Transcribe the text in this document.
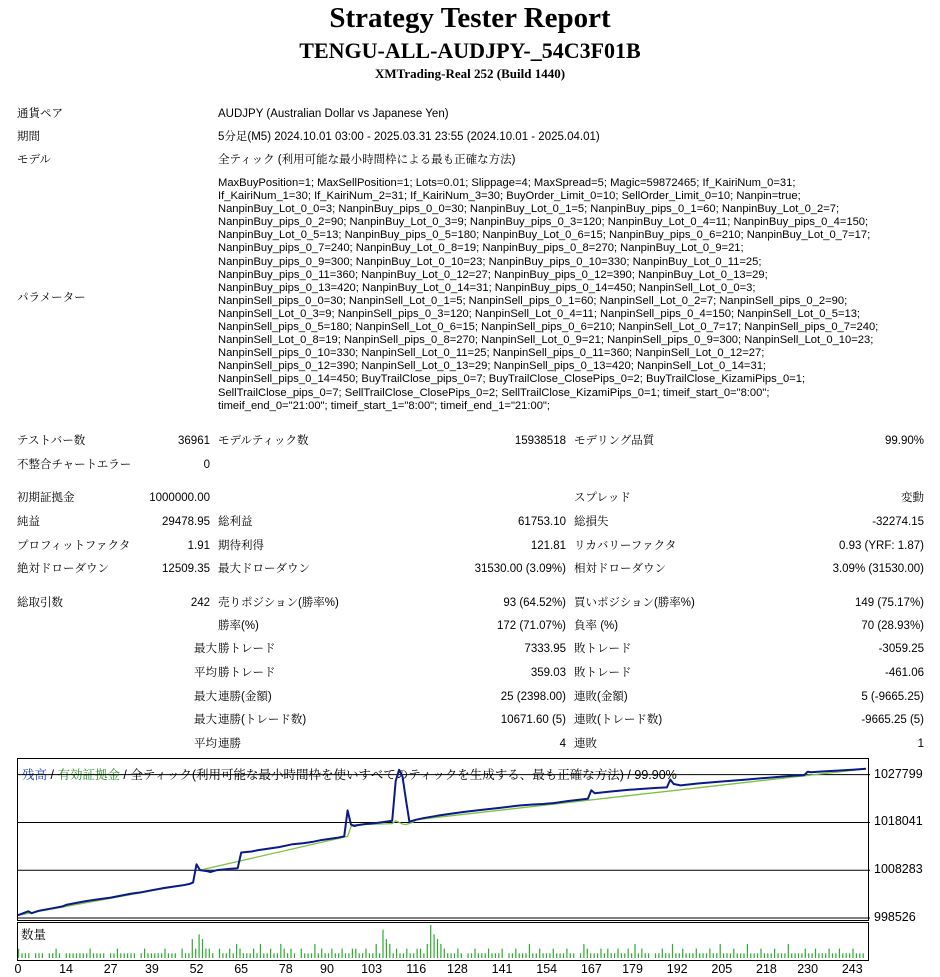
Strategy Tester Report
TENGU-ALL-AUDJPY-_54C3F01B
XMTrading-Real 252 (Build 1440)
通貨ペア	AUDJPY (Australian Dollar vs Japanese Yen)
期間	5分足(M5) 2024.10.01 03:00 - 2025.03.31 23:55 (2024.10.01 - 2025.04.01)
モデル	全ティック (利用可能な最小時間枠による最も正確な方法)
パラメーター
MaxBuyPosition=1; MaxSellPosition=1; Lots=0.01; Slippage=4; MaxSpread=5; Magic=59872465; If_KairiNum_0=31;
If_KairiNum_1=30; If_KairiNum_2=31; If_KairiNum_3=30; BuyOrder_Limit_0=10; SellOrder_Limit_0=10; Nanpin=true;
NanpinBuy_Lot_0_0=3; NanpinBuy_pips_0_0=30; NanpinBuy_Lot_0_1=5; NanpinBuy_pips_0_1=60; NanpinBuy_Lot_0_2=7;
NanpinBuy_pips_0_2=90; NanpinBuy_Lot_0_3=9; NanpinBuy_pips_0_3=120; NanpinBuy_Lot_0_4=11; NanpinBuy_pips_0_4=150;
NanpinBuy_Lot_0_5=13; NanpinBuy_pips_0_5=180; NanpinBuy_Lot_0_6=15; NanpinBuy_pips_0_6=210; NanpinBuy_Lot_0_7=17;
NanpinBuy_pips_0_7=240; NanpinBuy_Lot_0_8=19; NanpinBuy_pips_0_8=270; NanpinBuy_Lot_0_9=21;
NanpinBuy_pips_0_9=300; NanpinBuy_Lot_0_10=23; NanpinBuy_pips_0_10=330; NanpinBuy_Lot_0_11=25;
NanpinBuy_pips_0_11=360; NanpinBuy_Lot_0_12=27; NanpinBuy_pips_0_12=390; NanpinBuy_Lot_0_13=29;
NanpinBuy_pips_0_13=420; NanpinBuy_Lot_0_14=31; NanpinBuy_pips_0_14=450; NanpinSell_Lot_0_0=3;
NanpinSell_pips_0_0=30; NanpinSell_Lot_0_1=5; NanpinSell_pips_0_1=60; NanpinSell_Lot_0_2=7; NanpinSell_pips_0_2=90;
NanpinSell_Lot_0_3=9; NanpinSell_pips_0_3=120; NanpinSell_Lot_0_4=11; NanpinSell_pips_0_4=150; NanpinSell_Lot_0_5=13;
NanpinSell_pips_0_5=180; NanpinSell_Lot_0_6=15; NanpinSell_pips_0_6=210; NanpinSell_Lot_0_7=17; NanpinSell_pips_0_7=240;
NanpinSell_Lot_0_8=19; NanpinSell_pips_0_8=270; NanpinSell_Lot_0_9=21; NanpinSell_pips_0_9=300; NanpinSell_Lot_0_10=23;
NanpinSell_pips_0_10=330; NanpinSell_Lot_0_11=25; NanpinSell_pips_0_11=360; NanpinSell_Lot_0_12=27;
NanpinSell_pips_0_12=390; NanpinSell_Lot_0_13=29; NanpinSell_pips_0_13=420; NanpinSell_Lot_0_14=31;
NanpinSell_pips_0_14=450; BuyTrailClose_pips_0=7; BuyTrailClose_ClosePips_0=2; BuyTrailClose_KizamiPips_0=1;
SellTrailClose_pips_0=7; SellTrailClose_ClosePips_0=2; SellTrailClose_KizamiPips_0=1; timeif_start_0="8:00";
timeif_end_0="21:00"; timeif_start_1="8:00"; timeif_end_1="21:00";
テストバー数	36961 モデルティック数	15938518 モデリング品質	99.90%
不整合チャートエラー	0
初期証拠金	1000000.00	スプレッド	変動
純益	29478.95 総利益	61753.10 総損失	-32274.15
プロフィットファクタ	1.91 期待利得	121.81 リカバリーファクタ	0.93 (YRF: 1.87)
絶対ドローダウン	12509.35 最大ドローダウン	31530.00 (3.09%) 相対ドローダウン	3.09% (31530.00)
総取引数	242 売りポジション(勝率%)	93 (64.52%) 買いポジション(勝率%)	149 (75.17%)
勝率(%)	172 (71.07%) 負率 (%)	70 (28.93%)
最大 勝トレード	7333.95 敗トレード	-3059.25
平均 勝トレード	359.03 敗トレード	-461.06
最大 連勝(金額)	25 (2398.00) 連敗(金額)	5 (-9665.25)
最大 連勝(トレード数)	10671.60 (5) 連敗(トレード数)	-9665.25 (5)
平均 連勝	4 連敗	1
残高 / 有効証拠金 / 全ティック(利用可能な最小時間枠を使いすべてのティックを生成する、最も正確な方法) / 99.90%
数量
1027799
1018041
1008283
998526
0	14 27 39 52 65 78 90 103 116 128 141 154 167 179 192 205 218 230 243
